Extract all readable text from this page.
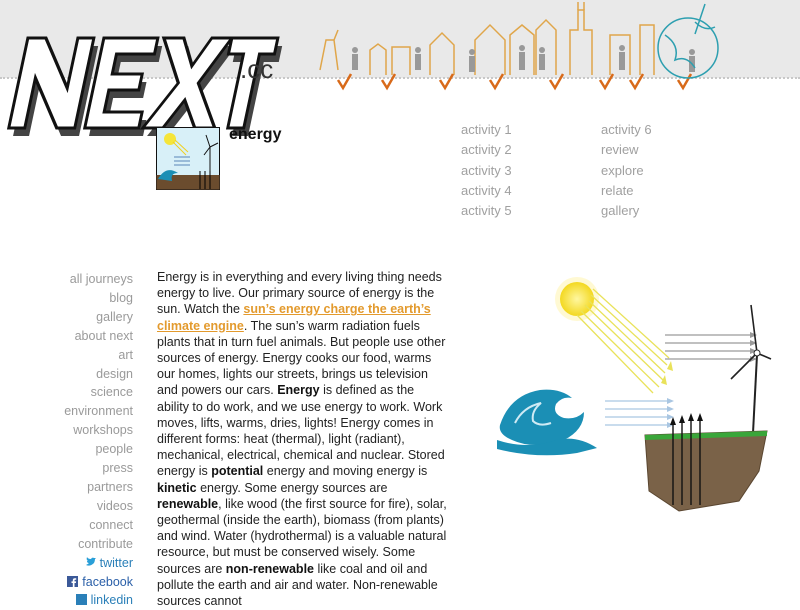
.cc
energy	activity 1
activity 2
activity 3
activity 4
activity 5
activity 6
review
explore
relate
gallery
all journeys
blog
gallery
about next
art
design
science
environment
workshops
people
press
partners
videos
connect
contribute
twitter
facebook
linkedin
Energy is in everything and every living thing needs energy to live. Our primary source of energy is the sun. Watch the sun’s energy charge the earth’s climate engine. The sun’s warm radiation fuels plants that in turn fuel animals. But people use other sources of energy. Energy cooks our food, warms our homes, lights our streets, brings us television and powers our cars. Energy is defined as the ability to do work, and we use energy to work. Work moves, lifts, warms, dries, lights! Energy comes in different forms: heat (thermal), light (radiant), mechanical, electrical, chemical and nuclear. Stored energy is potential energy and moving energy is kinetic energy. Some energy sources are renewable, like wood (the first source for fire), solar, geothermal (inside the earth), biomass (from plants) and wind. Water (hydrothermal) is a valuable natural resource, but must be conserved wisely. Some sources are non-renewable like coal and oil and pollute the earth and air and water. Non-renewable sources cannot
